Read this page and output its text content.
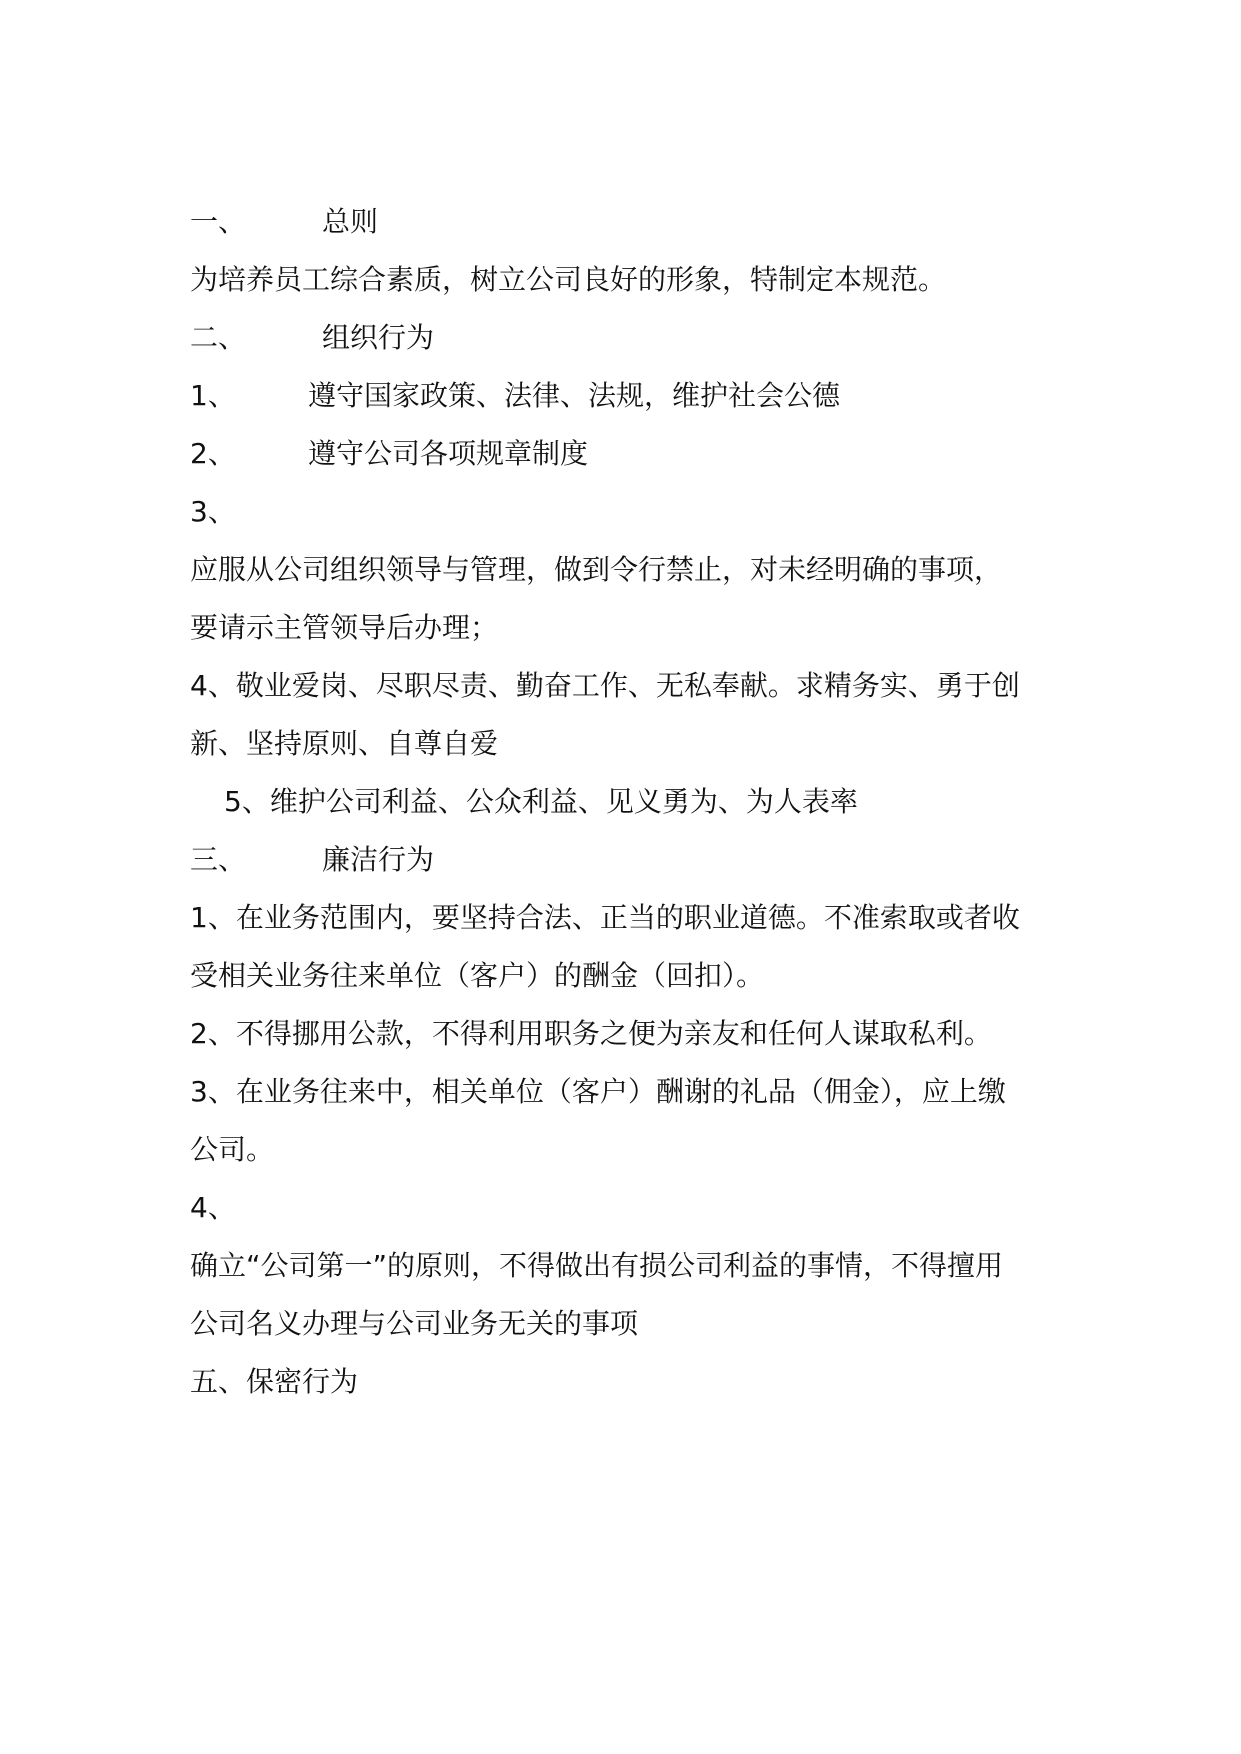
一、	总则
为培养员工综合素质，树立公司良好的形象，特制定本规范。
二、	组织行为
1、	遵守国家政策、法律、法规，维护社会公德
2、	遵守公司各项规章制度
3、
应服从公司组织领导与管理，做到令行禁止，对未经明确的事项，
要请示主管领导后办理；
4、敬业爱岗、尽职尽责、勤奋工作、无私奉献。求精务实、勇于创
新、坚持原则、自尊自爱
5、维护公司利益、公众利益、见义勇为、为人表率
三、	廉洁行为
1、在业务范围内，要坚持合法、正当的职业道德。不准索取或者收
受相关业务往来单位（客户）的酬金（回扣）。
2、不得挪用公款，不得利用职务之便为亲友和任何人谋取私利。
3、在业务往来中，相关单位（客户）酬谢的礼品（佣金），应上缴
公司。
4、
确立“公司第一”的原则，不得做出有损公司利益的事情，不得擅用
公司名义办理与公司业务无关的事项
五、保密行为
